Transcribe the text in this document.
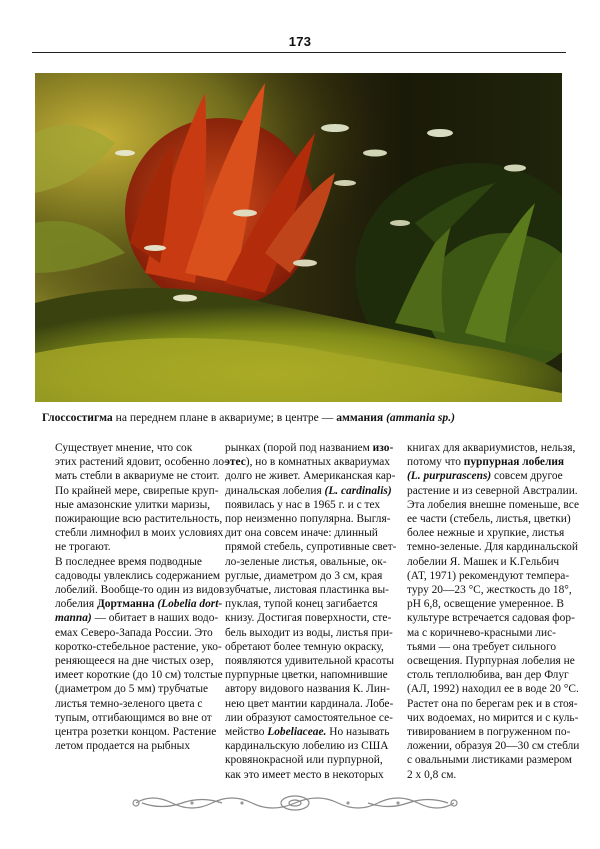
173
Глоссостигма на переднем плане в аквариуме; в центре — аммания (ammania sp.)

Существует мнение, что сок
этих растений ядовит, особенно ло-
мать стебли в аквариуме не стоит.
По крайней мере, свирепые круп-
ные амазонские улитки маризы,
пожирающие всю растительность,
стебли лимнофил в моих условиях
не трогают.

В последнее время подводные
садоводы увлеклись содержанием
лобелий. Вообще-то один из видов
лобелия Дортманна (Lobelia dort-
manna) — обитает в наших водо-
емах Северо-Запада России. Это
коротко-стебельное растение, уко-
реняющееся на дне чистых озер,
имеет короткие (до 10 см) толстые
(диаметром до 5 мм) трубчатые
листья темно-зеленого цвета с
тупым, отгибающимся во вне от
центра розетки концом. Растение
летом продается на рыбных

рынках (порой под названием изо-
этес), но в комнатных аквариумах
долго не живет. Американская кар-
динальская лобелия (L. cardinalis)
появилась у нас в 1965 г. и с тех
пор неизменно популярна. Выгля-
дит она совсем иначе: длинный
прямой стебель, супротивные свет-
ло-зеленые листья, овальные, ок-
руглые, диаметром до 3 см, края
зубчатые, листовая пластинка вы-
пуклая, тупой конец загибается
книзу. Достигая поверхности, сте-
бель выходит из воды, листья при-
обретают более темную окраску,
появляются удивительной красоты
пурпурные цветки, напомнившие
автору видового названия К. Лин-
нею цвет мантии кардинала. Лобе-
лии образуют самостоятельное се-
мейство Lobeliaceae. Но называть
кардинальскую лобелию из США
кровянокрасной или пурпурной,
как это имеет место в некоторых
книгах для аквариумистов, нельзя,
потому что пурпурная лобелия
(L. purpurascens) совсем другое
растение и из северной Австралии.
Эта лобелия внешне поменьше, все
ее части (стебель, листья, цветки)
более нежные и хрупкие, листья
темно-зеленые. Для кардинальской
лобелии Я. Машек и К.Гельбич
(АТ, 1971) рекомендуют темпера-
туру 20—23 °С, жесткость до 18°,
рН 6,8, освещение умеренное. В
культуре встречается садовая фор-
ма с коричнево-красными лис-
тьями — она требует сильного
освещения. Пурпурная лобелия не
столь теплолюбива, ван дер Флуг
(АЛ, 1992) находил ее в воде 20 °С.
Растет она по берегам рек и в стоя-
чих водоемах, но мирится и с куль-
тивированием в погруженном по-
ложении, образуя 20—30 см стебли
с овальными листиками размером
2 х 0,8 см.
